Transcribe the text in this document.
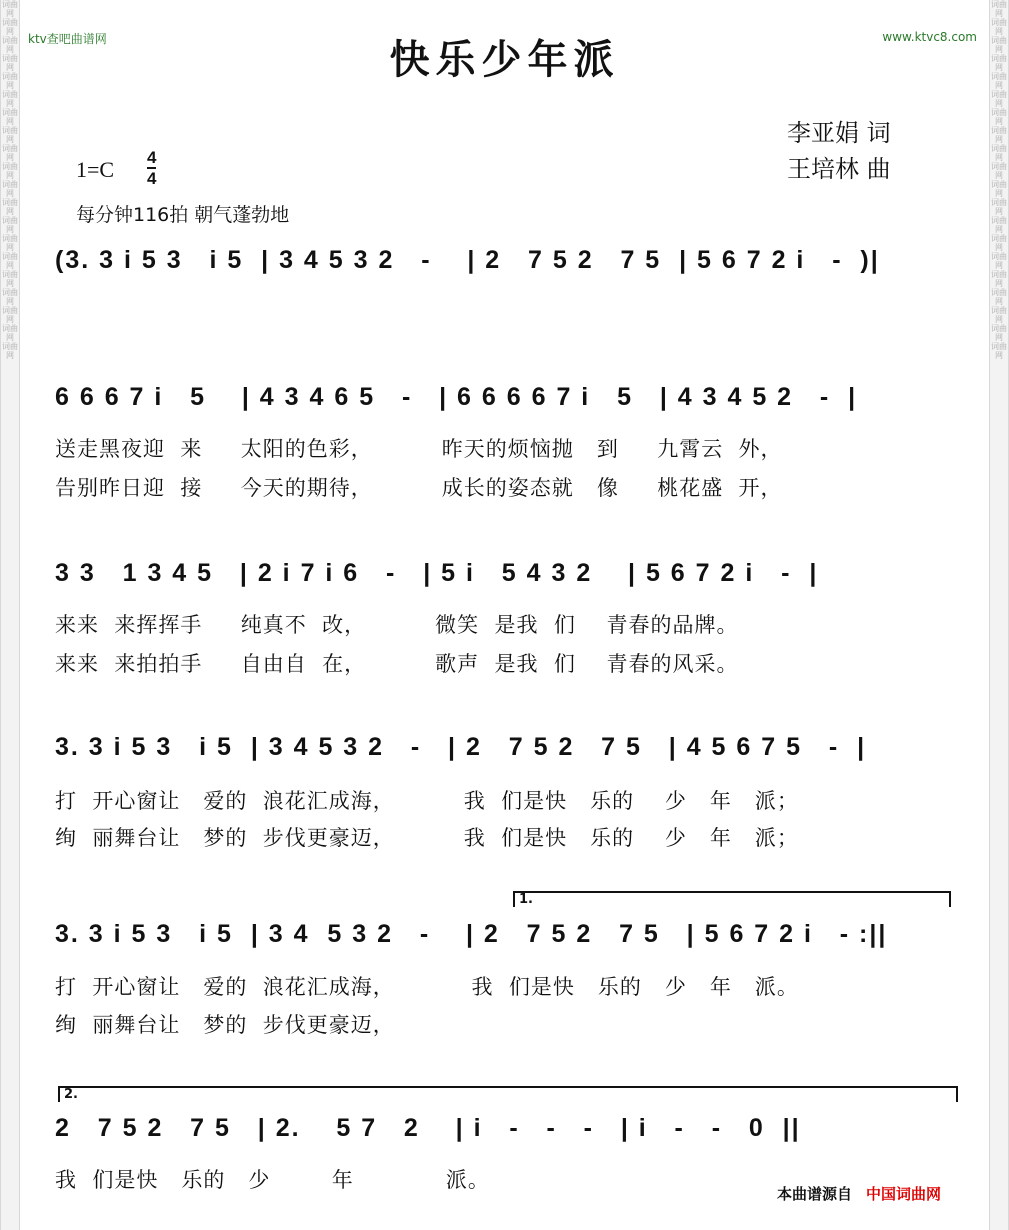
词曲网 词曲网 词曲网 词曲网 词曲网 词曲网 词曲网 词曲网 词曲网 词曲网 词曲网 词曲网 词曲网 词曲网 词曲网 词曲网 词曲网 词曲网 词曲网 词曲网
词曲网 词曲网 词曲网 词曲网 词曲网 词曲网 词曲网 词曲网 词曲网 词曲网 词曲网 词曲网 词曲网 词曲网 词曲网 词曲网 词曲网 词曲网 词曲网 词曲网
ktv查吧曲谱网	www.ktvc8.com
快乐少年派
李亚娟 词
王培林 曲
1=C 4
4
每分钟116拍 朝气蓬勃地
(3. 3 i 5 3   i 5  | 3 4 5 3 2   -    | 2   7 5 2   7 5  | 5 6 7 2 i   -  )|
6 6 6 7 i   5    | 4 3 4 6 5   -   | 6 6 6 6 7 i   5   | 4 3 4 5 2   -  |
送走黑夜迎  来     太阳的色彩，         昨天的烦恼抛   到     九霄云  外，
告别昨日迎  接     今天的期待，         成长的姿态就   像     桃花盛  开，
3 3   1 3 4 5   | 2 i 7 i 6   -   | 5 i   5 4 3 2    | 5 6 7 2 i   -  |
来来  来挥挥手     纯真不  改，         微笑  是我  们    青春的品牌。
来来  来拍拍手     自由自  在，         歌声  是我  们    青春的风采。
3. 3 i 5 3   i 5  | 3 4 5 3 2   -   | 2   7 5 2   7 5   | 4 5 6 7 5   -  |
打  开心窗让   爱的  浪花汇成海，         我  们是快   乐的    少   年   派；
绚  丽舞台让   梦的  步伐更豪迈，         我  们是快   乐的    少   年   派；
1.
3. 3 i 5 3   i 5  | 3 4  5 3 2   -    | 2   7 5 2   7 5   | 5 6 7 2 i   - :||
打  开心窗让   爱的  浪花汇成海，          我  们是快   乐的   少   年   派。
绚  丽舞台让   梦的  步伐更豪迈，
2.
2   7 5 2   7 5   | 2.    5 7   2    | i   -   -   -   | i   -   -   0  ||
我  们是快   乐的   少        年            派。
本曲谱源自 中国词曲网
